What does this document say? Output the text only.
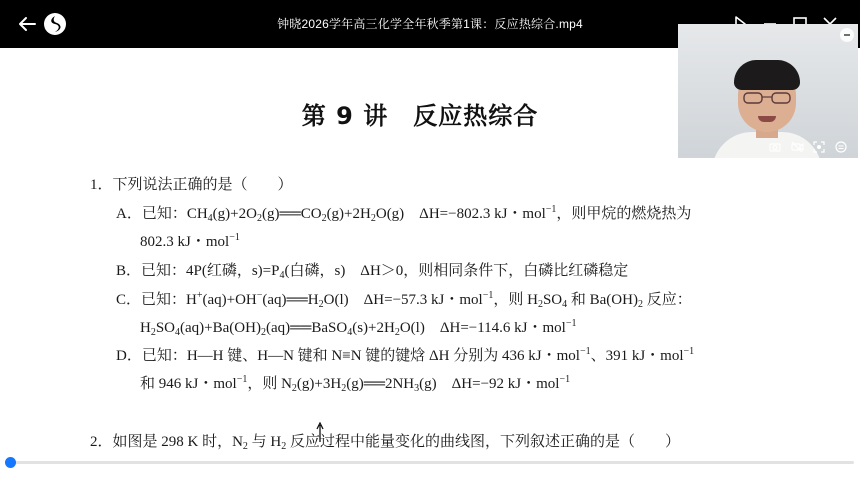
钟晓2026学年高三化学全年秋季第1课：反应热综合.mp4
第 9 讲　反应热综合
1．下列说法正确的是（　　）
A．已知：$CH_4(g)+2O_2(g)══CO_2(g)+2H_2O(g)$　ΔH=−802.3 kJ・mol$^{-1}$，则甲烷的燃烧热为
802.3 kJ・mol$^{-1}$
B．已知：4P(红磷，$s)=P_4$(白磷，s)　ΔH＞0，则相同条件下，白磷比红磷稳定
C．已知：$H^+(aq)+OH^-(aq)══H_2O(l)$　ΔH=−57.3 kJ・mol$^{-1}$，则 $H_2SO_4$ 和 $Ba(OH)_2$ 反应：
$H_2SO_4(aq)+Ba(OH)_2(aq)══BaSO_4(s)+2H_2O(l)$　ΔH=−114.6 kJ・mol$^{-1}$
D．已知：H—H 键、H—N 键和 N≡N 键的键焓 ΔH 分别为 436 kJ・mol$^{-1}$、391 kJ・mol$^{-1}$
和 946 kJ・mol$^{-1}$，则 $N_2(g)+3H_2(g)══2NH_3(g)$　ΔH=−92 kJ・mol$^{-1}$
2．如图是 298 K 时，$N_2$ 与 $H_2$ 反应过程中能量变化的曲线图，下列叙述正确的是（　　）
